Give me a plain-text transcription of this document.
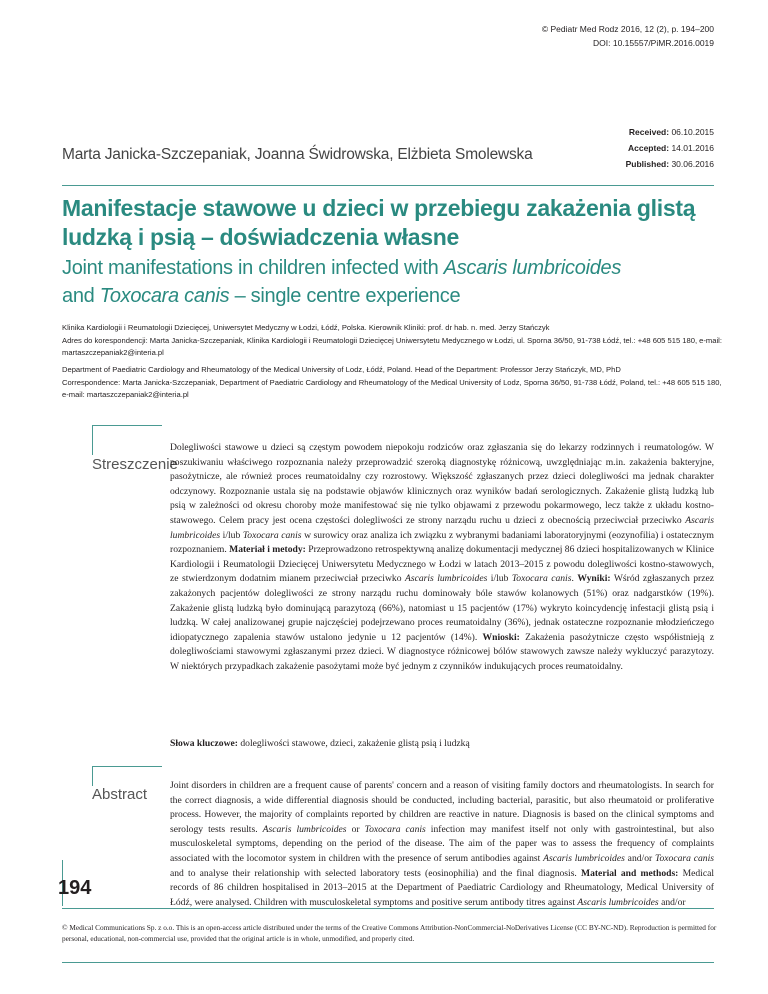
© Pediatr Med Rodz 2016, 12 (2), p. 194–200
DOI: 10.15557/PiMR.2016.0019
Received: 06.10.2015
Accepted: 14.01.2016
Published: 30.06.2016
Marta Janicka-Szczepaniak, Joanna Świdrowska, Elżbieta Smolewska
Manifestacje stawowe u dzieci w przebiegu zakażenia glistą ludzką i psią – doświadczenia własne
Joint manifestations in children infected with Ascaris lumbricoides
and Toxocara canis – single centre experience
Klinika Kardiologii i Reumatologii Dziecięcej, Uniwersytet Medyczny w Łodzi, Łódź, Polska. Kierownik Kliniki: prof. dr hab. n. med. Jerzy Stańczyk
Adres do korespondencji: Marta Janicka-Szczepaniak, Klinika Kardiologii i Reumatologii Dziecięcej Uniwersytetu Medycznego w Łodzi, ul. Sporna 36/50, 91-738 Łódź, tel.: +48 605 515 180, e-mail: martaszczepaniak2@interia.pl
Department of Paediatric Cardiology and Rheumatology of the Medical University of Lodz, Łódź, Poland. Head of the Department: Professor Jerzy Stańczyk, MD, PhD
Correspondence: Marta Janicka-Szczepaniak, Department of Paediatric Cardiology and Rheumatology of the Medical University of Lodz, Sporna 36/50, 91-738 Łódź, Poland, tel.: +48 605 515 180, e-mail: martaszczepaniak2@interia.pl
Streszczenie
Dolegliwości stawowe u dzieci są częstym powodem niepokoju rodziców oraz zgłaszania się do lekarzy rodzinnych i reumatologów. W poszukiwaniu właściwego rozpoznania należy przeprowadzić szeroką diagnostykę różnicową, uwzględniając m.in. zakażenia bakteryjne, pasożytnicze, ale również proces reumatoidalny czy rozrostowy. Większość zgłaszanych przez dzieci dolegliwości ma jednak charakter odczynowy. Rozpoznanie ustala się na podstawie objawów klinicznych oraz wyników badań serologicznych. Zakażenie glistą ludzką lub psią w zależności od okresu choroby może manifestować się nie tylko objawami z przewodu pokarmowego, lecz także z układu kostno-stawowego. Celem pracy jest ocena częstości dolegliwości ze strony narządu ruchu u dzieci z obecnością przeciwciał przeciwko Ascaris lumbricoides i/lub Toxocara canis w surowicy oraz analiza ich związku z wybranymi badaniami laboratoryjnymi (eozynofilia) i ostatecznym rozpoznaniem. Materiał i metody: Przeprowadzono retrospektywną analizę dokumentacji medycznej 86 dzieci hospitalizowanych w Klinice Kardiologii i Reumatologii Dziecięcej Uniwersytetu Medycznego w Łodzi w latach 2013–2015 z powodu dolegliwości kostno-stawowych, ze stwierdzonym dodatnim mianem przeciwciał przeciwko Ascaris lumbricoides i/lub Toxocara canis. Wyniki: Wśród zgłaszanych przez zakażonych pacjentów dolegliwości ze strony narządu ruchu dominowały bóle stawów kolanowych (51%) oraz nadgarstków (19%). Zakażenie glistą ludzką było dominującą parazytozą (66%), natomiast u 15 pacjentów (17%) wykryto koincydencję infestacji glistą psią i ludzką. W całej analizowanej grupie najczęściej podejrzewano proces reumatoidalny (36%), jednak ostateczne rozpoznanie młodzieńczego idiopatycznego zapalenia stawów ustalono jedynie u 12 pacjentów (14%). Wnioski: Zakażenia pasożytnicze często współistnieją z dolegliwościami stawowymi zgłaszanymi przez dzieci. W diagnostyce różnicowej bólów stawowych zawsze należy wykluczyć parazytozy. W niektórych przypadkach zakażenie pasożytami może być jednym z czynników indukujących proces reumatoidalny.
Słowa kluczowe: dolegliwości stawowe, dzieci, zakażenie glistą psią i ludzką
Abstract
Joint disorders in children are a frequent cause of parents' concern and a reason of visiting family doctors and rheumatologists. In search for the correct diagnosis, a wide differential diagnosis should be conducted, including bacterial, parasitic, but also rheumatoid or proliferative process. However, the majority of complaints reported by children are reactive in nature. Diagnosis is based on the clinical symptoms and serology tests results. Ascaris lumbricoides or Toxocara canis infection may manifest itself not only with gastrointestinal, but also musculoskeletal symptoms, depending on the period of the disease. The aim of the paper was to assess the frequency of complaints associated with the locomotor system in children with the presence of serum antibodies against Ascaris lumbricoides and/or Toxocara canis and to analyse their relationship with selected laboratory tests (eosinophilia) and the final diagnosis. Material and methods: Medical records of 86 children hospitalised in 2013–2015 at the Department of Paediatric Cardiology and Rheumatology, Medical University of Łódź, were analysed. Children with musculoskeletal symptoms and positive serum antibody titres against Ascaris lumbricoides and/or
194
© Medical Communications Sp. z o.o. This is an open-access article distributed under the terms of the Creative Commons Attribution-NonCommercial-NoDerivatives License (CC BY-NC-ND). Reproduction is permitted for personal, educational, non-commercial use, provided that the original article is in whole, unmodified, and properly cited.
